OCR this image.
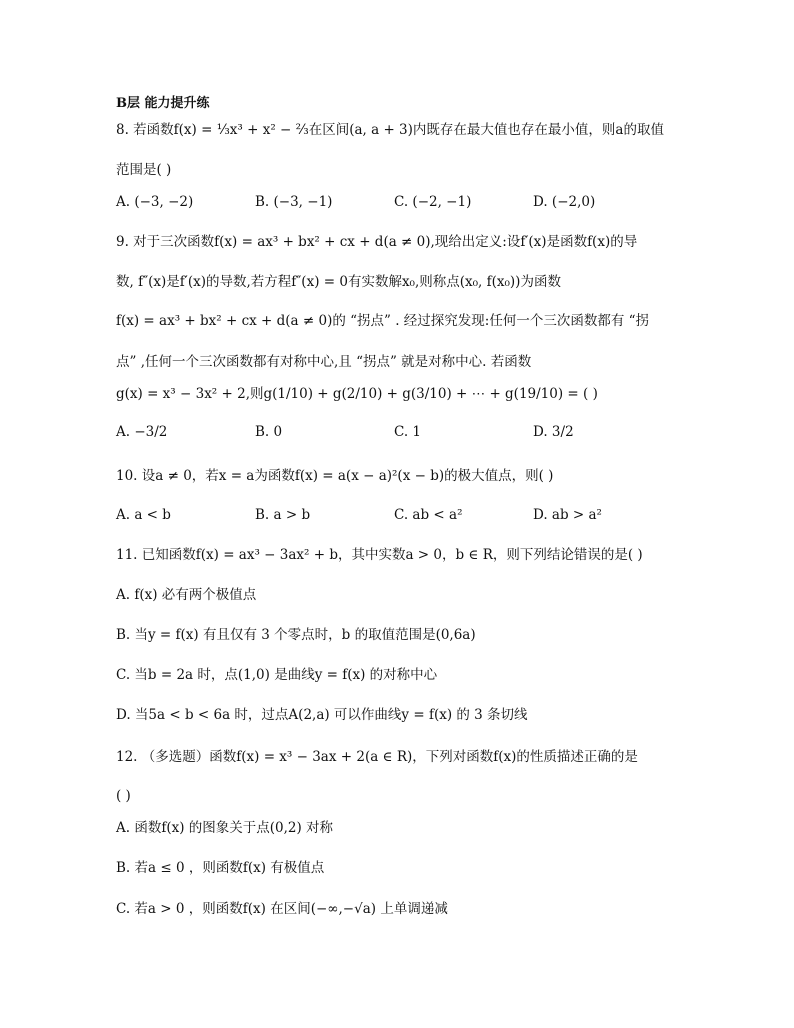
B层 能力提升练
8. 若函数f(x) = ⅓x³ + x² − ⅔在区间(a, a + 3)内既存在最大值也存在最小值，则a的取值
范围是( )
A. (−3, −2)	B. (−3, −1)	C. (−2, −1)	D. (−2,0)
9. 对于三次函数f(x) = ax³ + bx² + cx + d(a ≠ 0),现给出定义:设f′(x)是函数f(x)的导
数, f″(x)是f′(x)的导数,若方程f″(x) = 0有实数解x₀,则称点(x₀, f(x₀))为函数
f(x) = ax³ + bx² + cx + d(a ≠ 0)的 “拐点” . 经过探究发现:任何一个三次函数都有 “拐
点” ,任何一个三次函数都有对称中心,且 “拐点” 就是对称中心. 若函数
g(x) = x³ − 3x² + 2,则g(1/10) + g(2/10) + g(3/10) + ⋯ + g(19/10) = ( )
A. −3/2	B. 0	C. 1	D. 3/2
10. 设a ≠ 0，若x = a为函数f(x) = a(x − a)²(x − b)的极大值点，则( )
A. a < b	B. a > b	C. ab < a²	D. ab > a²
11. 已知函数f(x) = ax³ − 3ax² + b，其中实数a > 0，b ∈ R，则下列结论错误的是( )
A. f(x) 必有两个极值点
B. 当y = f(x) 有且仅有 3 个零点时，b 的取值范围是(0,6a)
C. 当b = 2a 时，点(1,0) 是曲线y = f(x) 的对称中心
D. 当5a < b < 6a 时，过点A(2,a) 可以作曲线y = f(x) 的 3 条切线
12. （多选题）函数f(x) = x³ − 3ax + 2(a ∈ R)，下列对函数f(x)的性质描述正确的是
( )
A. 函数f(x) 的图象关于点(0,2) 对称
B. 若a ≤ 0 ，则函数f(x) 有极值点
C. 若a > 0 ，则函数f(x) 在区间(−∞,−√a) 上单调递减
